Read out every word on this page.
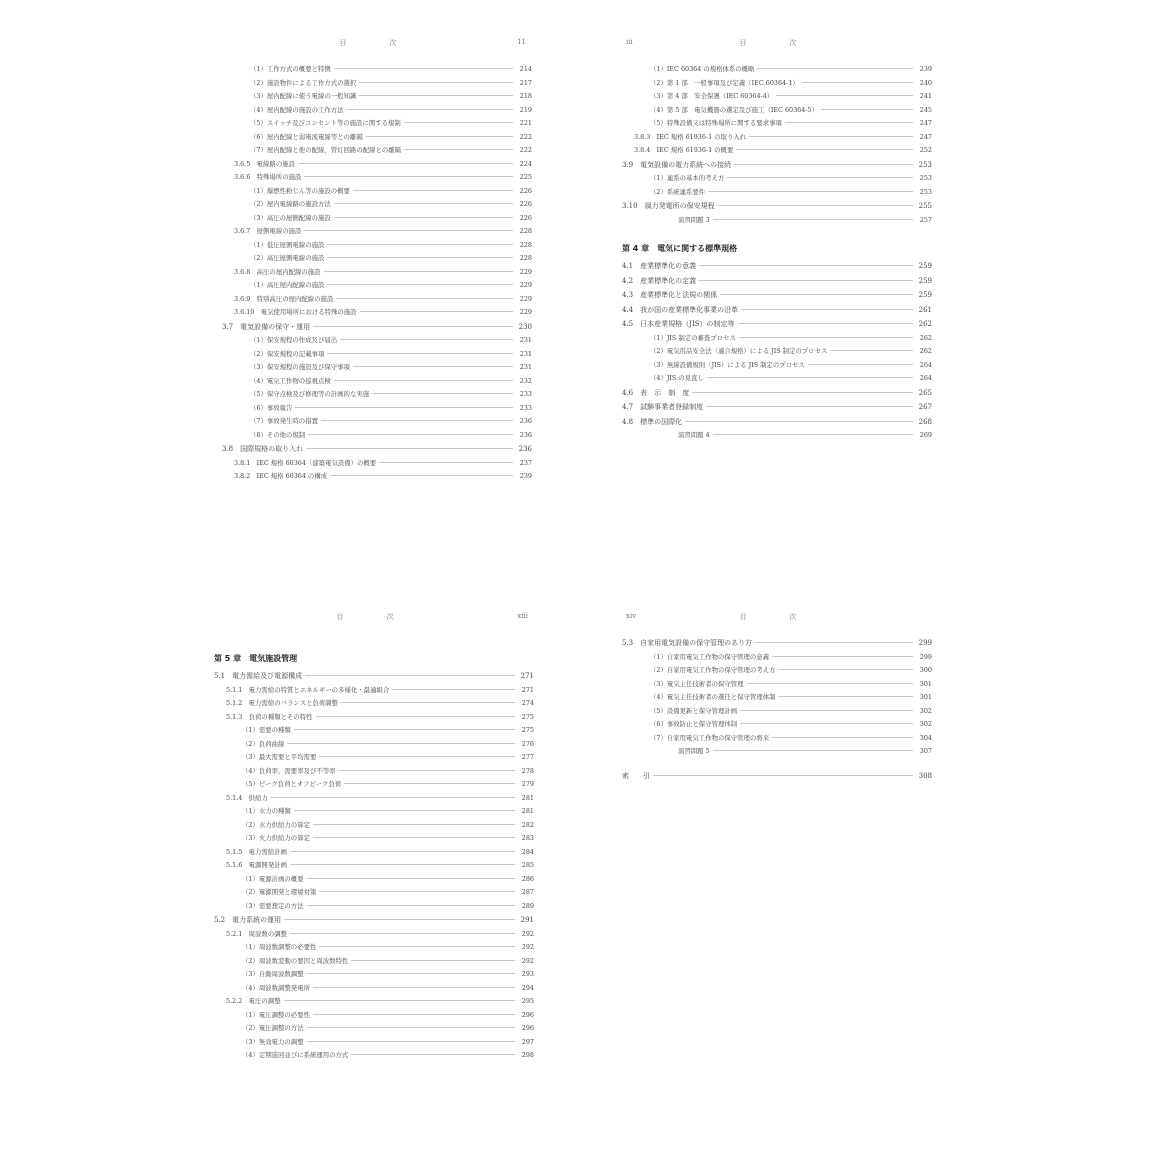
目　次	11
（1）工作方式の概要と特徴	214
（2）施設物件による工作方式の選択	217
（3）屋内配線に使う電線の一般知識	218
（4）屋内配線の施設の工作方法	219
（5）スイッチ及びコンセント等の施設に関する規制	221
（6）屋内配線と弱電流電線等との離隔	222
（7）屋内配線と他の配線，管灯回路の配線との離隔	222
3.6.5　電線路の施設	224
3.6.6　特殊場所の施設	225
（1）爆燃性粉じん等の施設の概要	226
（2）屋内電線路の施設方法	226
（3）高圧の屋側配線の施設	226
3.6.7　屋側電線の施設	228
（1）低圧屋側電線の施設	228
（2）高圧屋側電線の施設	228
3.6.8　高圧の屋内配線の施設	229
（1）高圧屋内配線の施設	229
3.6.9　特別高圧の屋内配線の施設	229
3.6.10　電気使用場所における特殊の施設	229
3.7　電気設備の保守・運用	230
（1）保安規程の作成及び届出	231
（2）保安規程の記載事項	231
（3）保安規程の施設及び保守事項	231
（4）電気工作物の巡視点検	232
（5）保守点検及び修理等の計画的な実施	233
（6）事故報告	233
（7）事故発生時の措置	236
（8）その他の規制	236
3.8　国際規格の取り入れ	236
3.8.1　IEC 規格 60364（建築電気設備）の概要	237
3.8.2　IEC 規格 60364 の構成	239
目　次
iii
（1）IEC 60364 の規格体系の概略	239
（2）第 1 部　一般事項及び定義（IEC 60364-1）	240
（3）第 4 部　安全保護（IEC 60364-4）	241
（4）第 5 部　電気機器の選定及び施工（IEC 60364-5）	245
（5）特殊設備又は特殊場所に関する要求事項	247
3.8.3　IEC 規格 61936-1 の取り入れ	247
3.8.4　IEC 規格 61936-1 の概要	252
3.9　電気設備の電力系統への接続	253
（1）連系の基本的考え方	253
（2）系統連系要件	253
3.10　風力発電所の保安規程	255
演習問題 3	257
第 4 章　電気に関する標準規格
4.1　産業標準化の意義	259
4.2　産業標準化の定義	259
4.3　産業標準化と法規の関係	259
4.4　我が国の産業標準化事業の沿革	261
4.5　日本産業規格（JIS）の制定等	262
（1）JIS 制定の審査プロセス	262
（2）電気用品安全法（適合規格）による JIS 制定のプロセス	262
（3）無線設備規則（JIS）による JIS 制定のプロセス	264
（4）JIS の見直し	264
4.6　表　示　制　度	265
4.7　試験事業者登録制度	267
4.8　標準の国際化	268
演習問題 4	269
目　次	xiii
第 5 章　電気施設管理
5.1　電力需給及び電源構成	271
5.1.1　電力需給の特質とエネルギーの多様化・最適組合	271
5.1.2　電力需給のバランスと負荷調整	274
5.1.3　負荷の種類とその特性	275
（1）需要の種類	275
（2）負荷曲線	276
（3）最大需要と平均需要	277
（4）負荷率，需要率及び不等率	278
（5）ピーク負荷とオフピーク負荷	279
5.1.4　供給力	281
（1）水力の種類	281
（2）水力供給力の算定	282
（3）火力供給力の算定	283
5.1.5　電力需給計画	284
5.1.6　電源開発計画	285
（1）電源計画の概要	286
（2）電源開発と環境対策	287
（3）需要想定の方法	289
5.2　電力系統の運用	291
5.2.1　周波数の調整	292
（1）周波数調整の必要性	292
（2）周波数変動の要因と周波数特性	292
（3）自動周波数調整	293
（4）周波数調整発電所	294
5.2.2　電圧の調整	295
（1）電圧調整の必要性	296
（2）電圧調整の方法	296
（3）無効電力の調整	297
（4）定期巡回並びに系統運用の方式	298
目　次
xiv
5.3　自家用電気設備の保守管理のあり方	299
（1）自家用電気工作物の保守管理の意義	299
（2）自家用電気工作物の保守管理の考え方	300
（3）電気主任技術者の保守管理	301
（4）電気主任技術者の選任と保守管理体制	301
（5）設備更新と保守管理計画	302
（6）事故防止と保守管理体制	302
（7）自家用電気工作物の保守管理の将来	304
演習問題 5	307
索　　引	308
